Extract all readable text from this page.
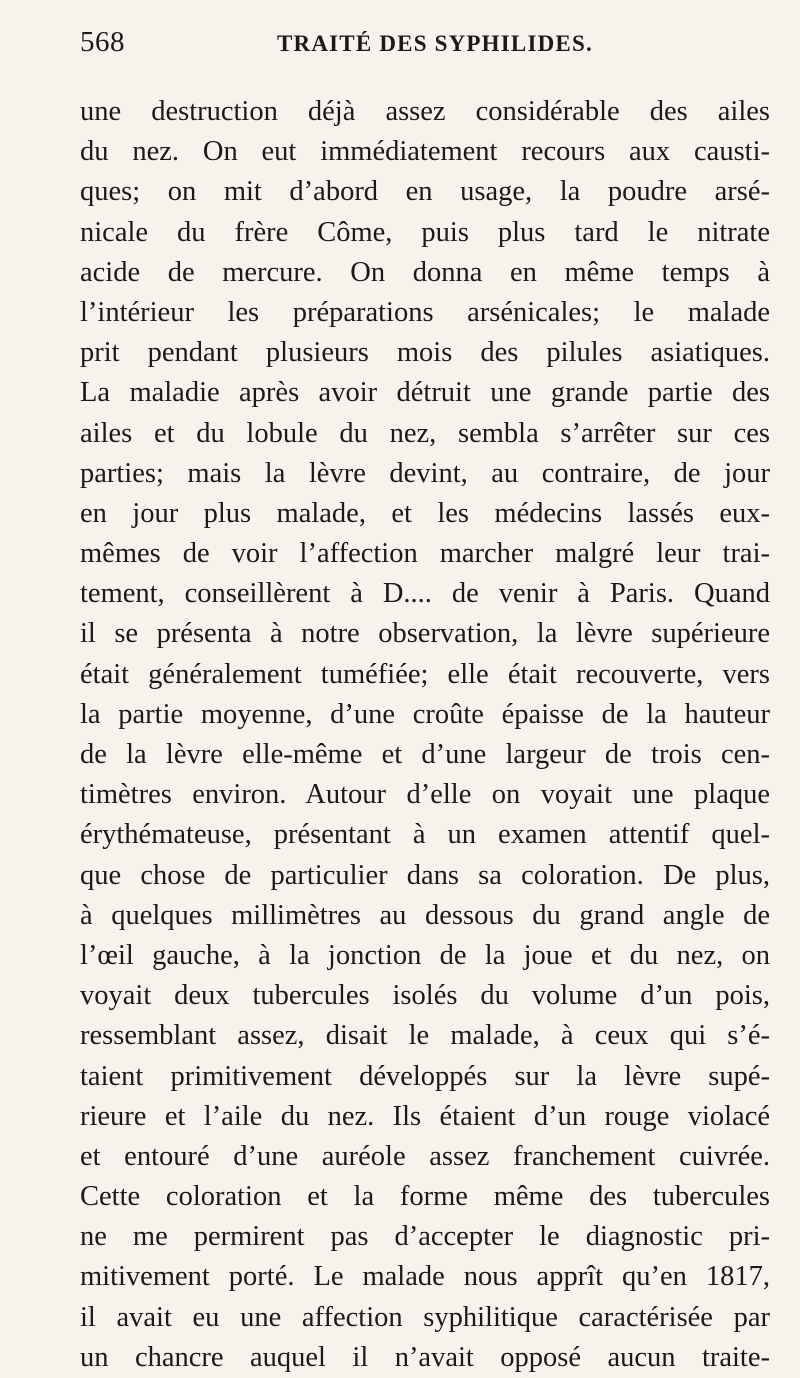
568	TRAITÉ DES SYPHILIDES.
une destruction déjà assez considérable des ailes
du nez. On eut immédiatement recours aux causti-
ques; on mit d’abord en usage, la poudre arsé-
nicale du frère Côme, puis plus tard le nitrate
acide de mercure. On donna en même temps à
l’intérieur les préparations arsénicales; le malade
prit pendant plusieurs mois des pilules asiatiques.
La maladie après avoir détruit une grande partie des
ailes et du lobule du nez, sembla s’arrêter sur ces
parties; mais la lèvre devint, au contraire, de jour
en jour plus malade, et les médecins lassés eux-
mêmes de voir l’affection marcher malgré leur trai-
tement, conseillèrent à D.... de venir à Paris. Quand
il se présenta à notre observation, la lèvre supérieure
était généralement tuméfiée; elle était recouverte, vers
la partie moyenne, d’une croûte épaisse de la hauteur
de la lèvre elle-même et d’une largeur de trois cen-
timètres environ. Autour d’elle on voyait une plaque
érythémateuse, présentant à un examen attentif quel-
que chose de particulier dans sa coloration. De plus,
à quelques millimètres au dessous du grand angle de
l’œil gauche, à la jonction de la joue et du nez, on
voyait deux tubercules isolés du volume d’un pois,
ressemblant assez, disait le malade, à ceux qui s’é-
taient primitivement développés sur la lèvre supé-
rieure et l’aile du nez. Ils étaient d’un rouge violacé
et entouré d’une auréole assez franchement cuivrée.
Cette coloration et la forme même des tubercules
ne me permirent pas d’accepter le diagnostic pri-
mitivement porté. Le malade nous apprît qu’en 1817,
il avait eu une affection syphilitique caractérisée par
un chancre auquel il n’avait opposé aucun traite-
